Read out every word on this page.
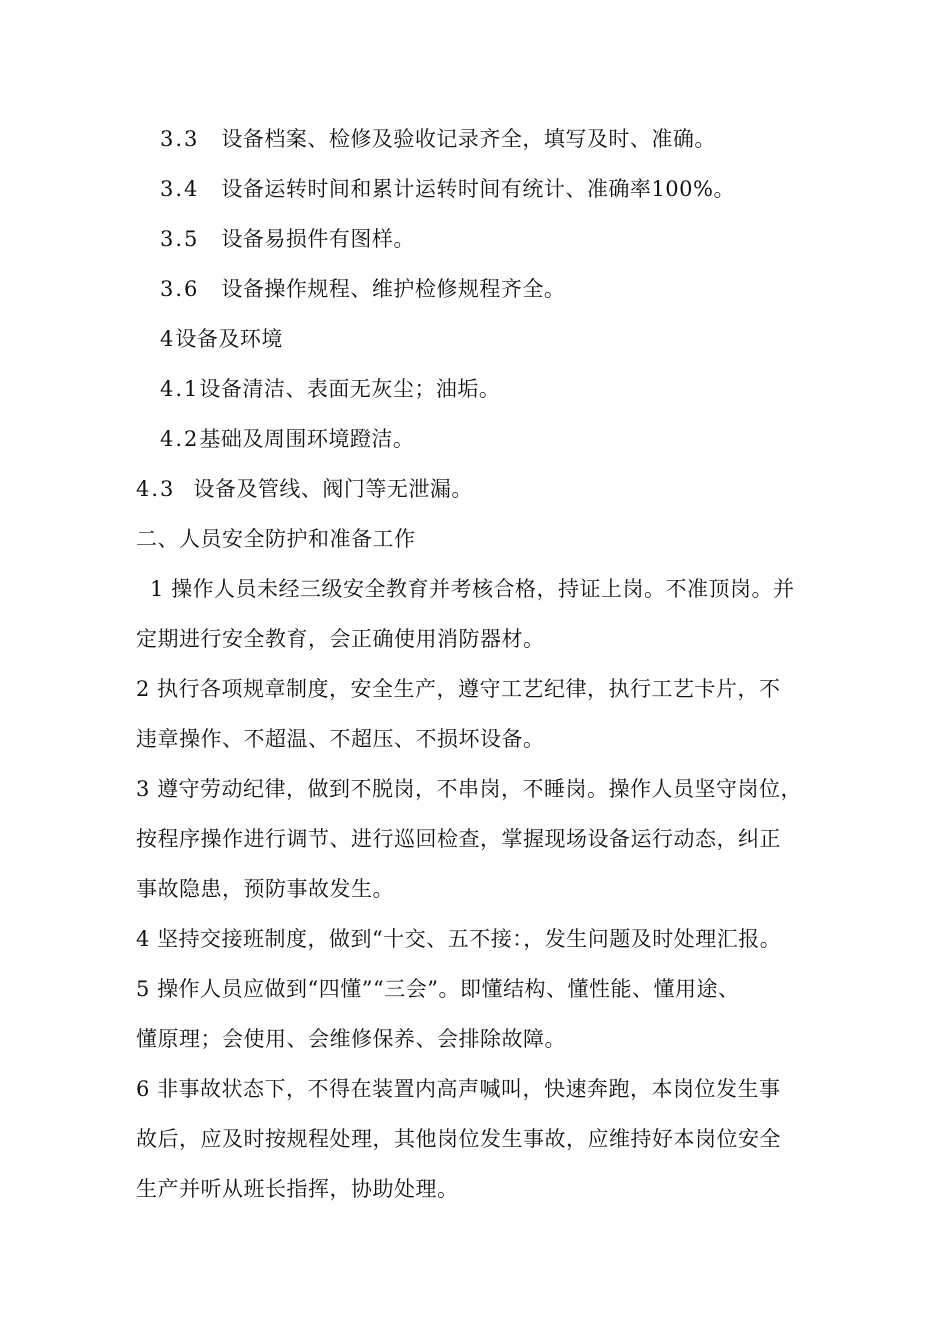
3.3 设备档案、检修及验收记录齐全，填写及时、准确。
3.4 设备运转时间和累计运转时间有统计、准确率100%。
3.5 设备易损件有图样。
3.6 设备操作规程、维护检修规程齐全。
4设备及环境
4.1设备清洁、表面无灰尘；油垢。
4.2基础及周围环境蹬洁。
4.3 设备及管线、阀门等无泄漏。
二、人员安全防护和准备工作
1 操作人员未经三级安全教育并考核合格，持证上岗。不准顶岗。并
定期进行安全教育，会正确使用消防器材。
2 执行各项规章制度，安全生产，遵守工艺纪律，执行工艺卡片，不
违章操作、不超温、不超压、不损坏设备。
3 遵守劳动纪律，做到不脱岗，不串岗，不睡岗。操作人员坚守岗位，
按程序操作进行调节、进行巡回检查，掌握现场设备运行动态，纠正
事故隐患，预防事故发生。
4 坚持交接班制度，做到“十交、五不接：，发生问题及时处理汇报。
5 操作人员应做到“四懂”“三会”。即懂结构、懂性能、懂用途、
懂原理；会使用、会维修保养、会排除故障。
6 非事故状态下，不得在装置内高声喊叫，快速奔跑，本岗位发生事
故后，应及时按规程处理，其他岗位发生事故，应维持好本岗位安全
生产并听从班长指挥，协助处理。
